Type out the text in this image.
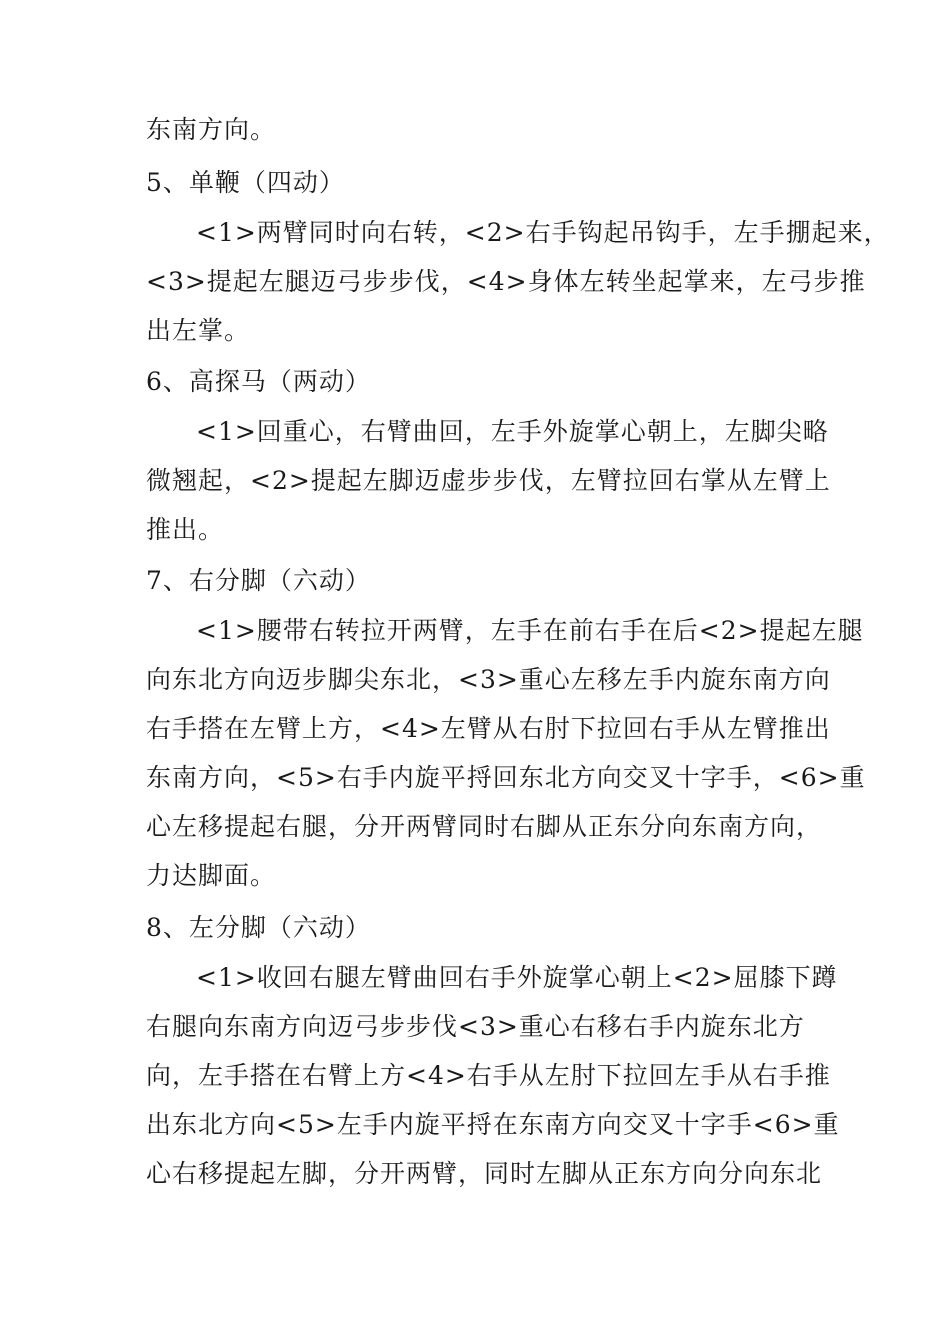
东南方向。
5、单鞭（四动）
<1>两臂同时向右转，<2>右手钩起吊钩手，左手掤起来，
<3>提起左腿迈弓步步伐，<4>身体左转坐起掌来，左弓步推
出左掌。
6、高探马（两动）
<1>回重心，右臂曲回，左手外旋掌心朝上，左脚尖略
微翘起，<2>提起左脚迈虚步步伐，左臂拉回右掌从左臂上
推出。
7、右分脚（六动）
<1>腰带右转拉开两臂，左手在前右手在后<2>提起左腿
向东北方向迈步脚尖东北，<3>重心左移左手内旋东南方向
右手搭在左臂上方，<4>左臂从右肘下拉回右手从左臂推出
东南方向，<5>右手内旋平捋回东北方向交叉十字手，<6>重
心左移提起右腿，分开两臂同时右脚从正东分向东南方向，
力达脚面。
8、左分脚（六动）
<1>收回右腿左臂曲回右手外旋掌心朝上<2>屈膝下蹲
右腿向东南方向迈弓步步伐<3>重心右移右手内旋东北方
向，左手搭在右臂上方<4>右手从左肘下拉回左手从右手推
出东北方向<5>左手内旋平捋在东南方向交叉十字手<6>重
心右移提起左脚，分开两臂，同时左脚从正东方向分向东北
